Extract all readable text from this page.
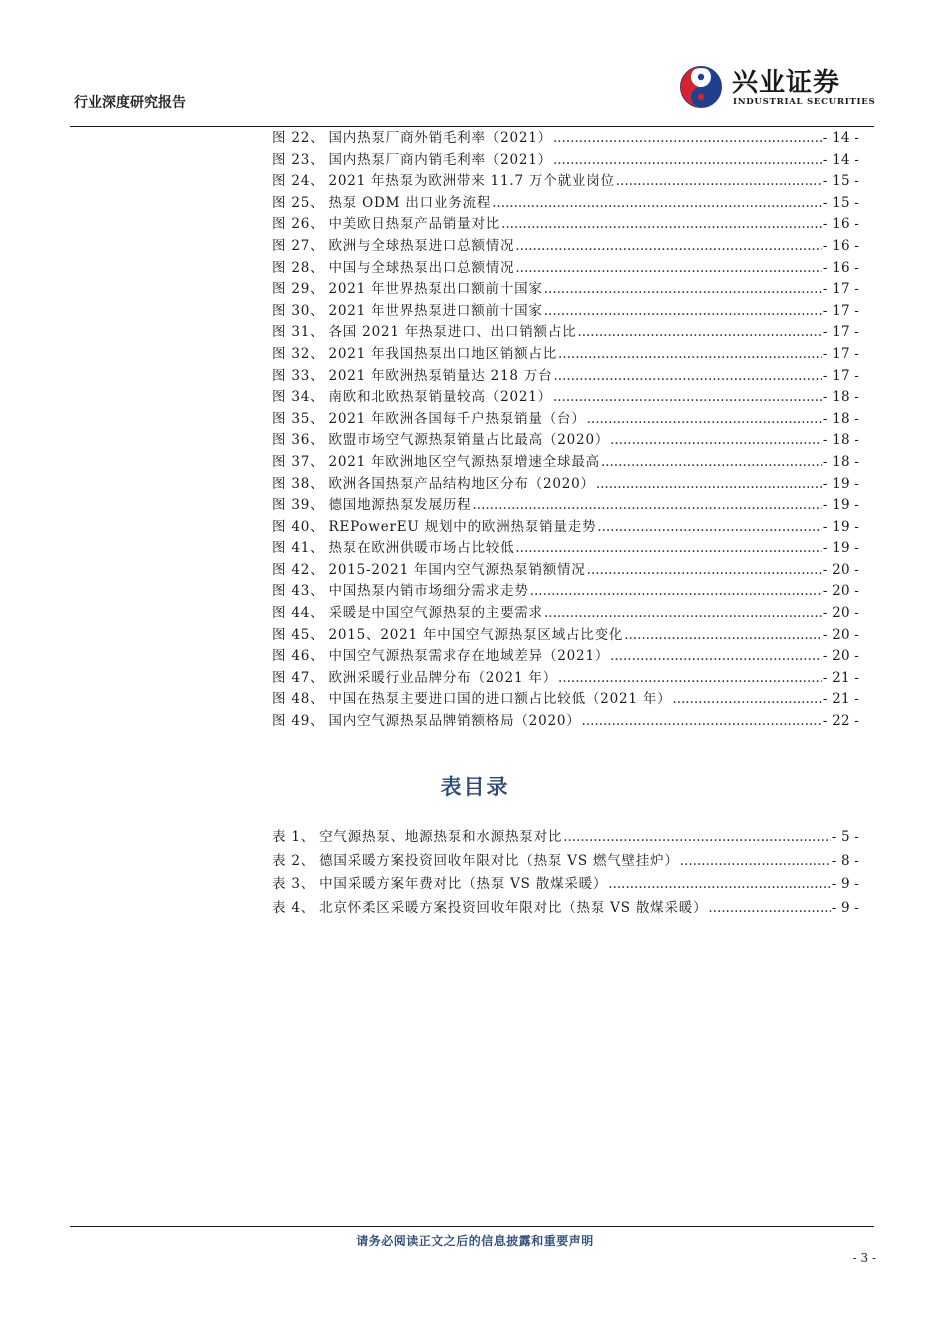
行业深度研究报告
兴业证券
INDUSTRIAL SECURITIES
图 22、 国内热泵厂商外销毛利率（2021） .....	- 14 -
图 23、 国内热泵厂商内销毛利率（2021） .....	- 14 -
图 24、 2021 年热泵为欧洲带来 11.7 万个就业岗位 .....	- 15 -
图 25、 热泵 ODM 出口业务流程 .....	- 15 -
图 26、 中美欧日热泵产品销量对比 .....	- 16 -
图 27、 欧洲与全球热泵进口总额情况 .....	- 16 -
图 28、 中国与全球热泵出口总额情况 .....	- 16 -
图 29、 2021 年世界热泵出口额前十国家 .....	- 17 -
图 30、 2021 年世界热泵进口额前十国家 .....	- 17 -
图 31、 各国 2021 年热泵进口、出口销额占比 .....	- 17 -
图 32、 2021 年我国热泵出口地区销额占比 .....	- 17 -
图 33、 2021 年欧洲热泵销量达 218 万台 .....	- 17 -
图 34、 南欧和北欧热泵销量较高（2021） .....	- 18 -
图 35、 2021 年欧洲各国每千户热泵销量（台） .....	- 18 -
图 36、 欧盟市场空气源热泵销量占比最高（2020） .....	- 18 -
图 37、 2021 年欧洲地区空气源热泵增速全球最高 .....	- 18 -
图 38、 欧洲各国热泵产品结构地区分布（2020） .....	- 19 -
图 39、 德国地源热泵发展历程 .....	- 19 -
图 40、 REPowerEU 规划中的欧洲热泵销量走势 .....	- 19 -
图 41、 热泵在欧洲供暖市场占比较低 .....	- 19 -
图 42、 2015-2021 年国内空气源热泵销额情况 .....	- 20 -
图 43、 中国热泵内销市场细分需求走势 .....	- 20 -
图 44、 采暖是中国空气源热泵的主要需求 .....	- 20 -
图 45、 2015、2021 年中国空气源热泵区域占比变化 .....	- 20 -
图 46、 中国空气源热泵需求存在地域差异（2021） .....	- 20 -
图 47、 欧洲采暖行业品牌分布（2021 年） .....	- 21 -
图 48、 中国在热泵主要进口国的进口额占比较低（2021 年） .....	- 21 -
图 49、 国内空气源热泵品牌销额格局（2020） .....	- 22 -
表目录
表 1、 空气源热泵、地源热泵和水源热泵对比 .....	- 5 -
表 2、 德国采暖方案投资回收年限对比（热泵 VS 燃气壁挂炉） .....	- 8 -
表 3、 中国采暖方案年费对比（热泵 VS 散煤采暖） .....	- 9 -
表 4、 北京怀柔区采暖方案投资回收年限对比（热泵 VS 散煤采暖） .....	- 9 -
请务必阅读正文之后的信息披露和重要声明
- 3 -
